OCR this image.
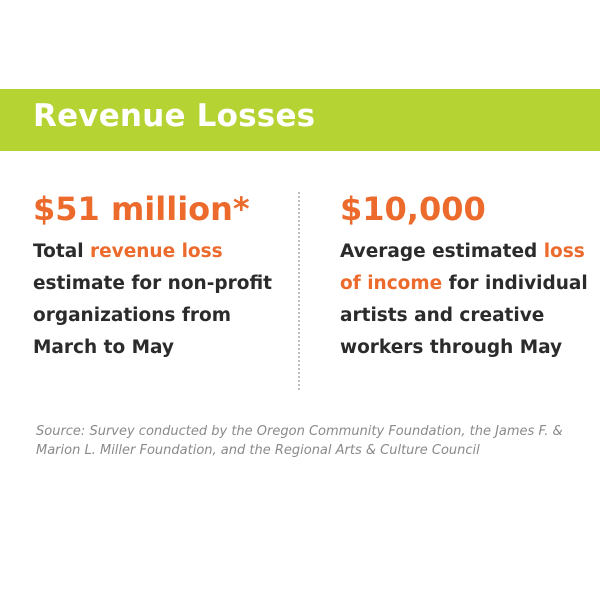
Revenue Losses
$51 million*
Total revenue loss estimate for non-profit organizations from March to May
$10,000
Average estimated loss of income for individual artists and creative workers through May
Source: Survey conducted by the Oregon Community Foundation, the James F. & Marion L. Miller Foundation, and the Regional Arts & Culture Council
